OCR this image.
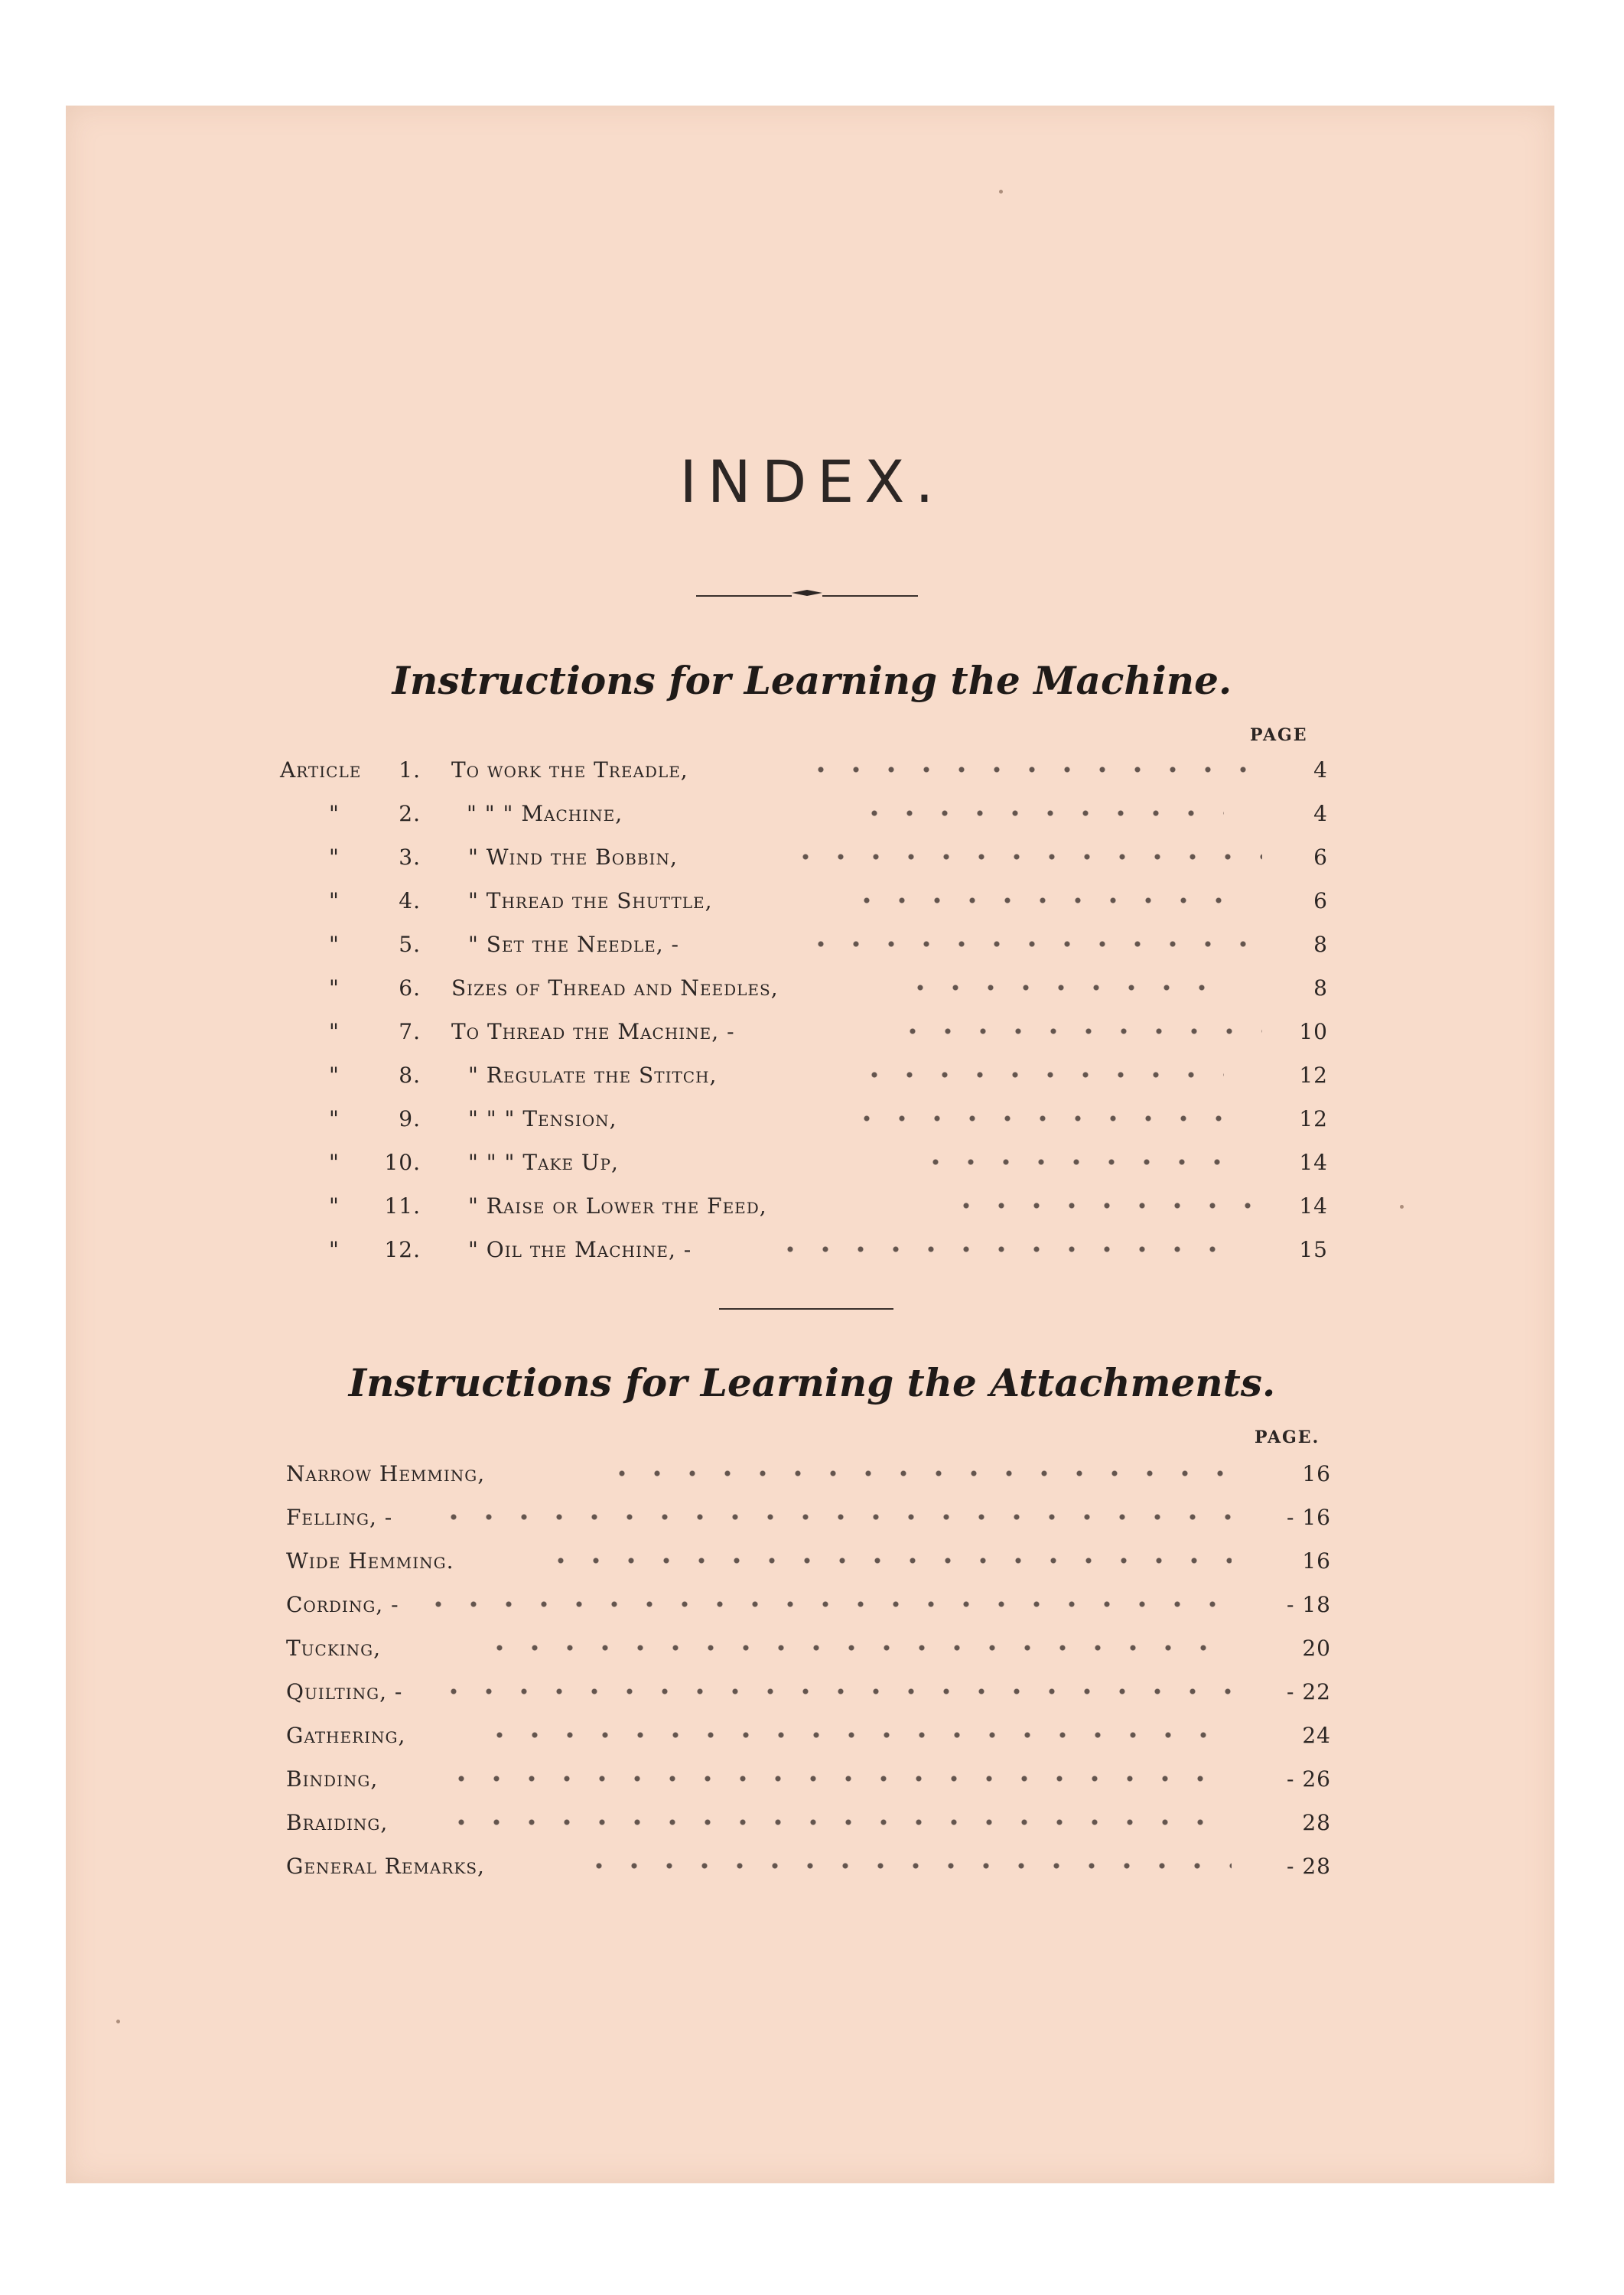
INDEX.
Instructions for Learning the Machine.
PAGE
Article	1. To work the Treadle,	4
"	2. " " " Machine,	4
"	3. " Wind the Bobbin,	6
"	4. " Thread the Shuttle,	6
"	5. " Set the Needle, -	8
"	6. Sizes of Thread and Needles,	8
"	7. To Thread the Machine, -	10
"	8. " Regulate the Stitch,	12
"	9. " " " Tension,	12
" 10. " " " Take Up,	14
" 11. " Raise or Lower the Feed,	14
" 12. " Oil the Machine, -	15
Instructions for Learning the Attachments.
PAGE.
Narrow Hemming,	16
Felling, -	- 16
Wide Hemming.	16
Cording, -	- 18
Tucking,	20
Quilting, -	- 22
Gathering,	24
Binding,	- 26
Braiding,	28
General Remarks,	- 28
